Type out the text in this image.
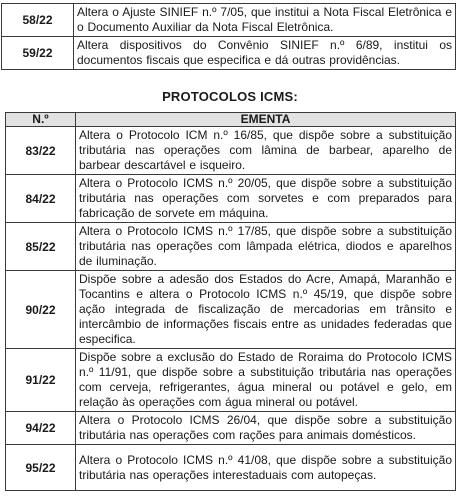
58/22	Altera o Ajuste SINIEF n.º 7/05, que institui a Nota Fiscal Eletrônica e o Documento Auxiliar da Nota Fiscal Eletrônica.
59/22	Altera dispositivos do Convênio SINIEF n.º 6/89, institui os documentos fiscais que especifica e dá outras providências.
PROTOCOLOS ICMS:
N.º	EMENTA
83/22	Altera o Protocolo ICM n.º 16/85, que dispõe sobre a substituição tributária nas operações com lâmina de barbear, aparelho de barbear descartável e isqueiro.
84/22	Altera o Protocolo ICMS n.º 20/05, que dispõe sobre a substituição tributária nas operações com sorvetes e com preparados para fabricação de sorvete em máquina.
85/22	Altera o Protocolo ICMS n.º 17/85, que dispõe sobre a substituição tributária nas operações com lâmpada elétrica, diodos e aparelhos de iluminação.
90/22	Dispõe sobre a adesão dos Estados do Acre, Amapá, Maranhão e Tocantins e altera o Protocolo ICMS n.º 45/19, que dispõe sobre ação integrada de fiscalização de mercadorias em trânsito e intercâmbio de informações fiscais entre as unidades federadas que especifica.
91/22	Dispõe sobre a exclusão do Estado de Roraima do Protocolo ICMS n.º 11/91, que dispõe sobre a substituição tributária nas operações com cerveja, refrigerantes, água mineral ou potável e gelo, em relação às operações com água mineral ou potável.
94/22	Altera o Protocolo ICMS 26/04, que dispõe sobre a substituição tributária nas operações com rações para animais domésticos.
95/22	Altera o Protocolo ICMS n.º 41/08, que dispõe sobre a substituição tributária nas operações interestaduais com autopeças.
